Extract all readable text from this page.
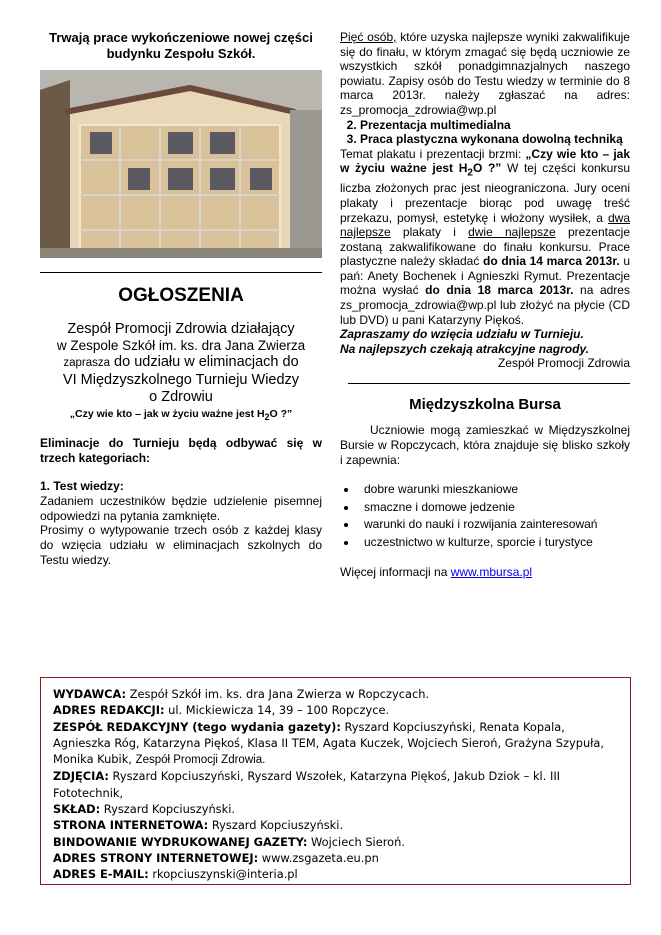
Trwają prace wykończeniowe nowej części budynku Zespołu Szkół.

OGŁOSZENIA

Zespół Promocji Zdrowia działający

w Zespole Szkół im. ks. dra Jana Zwierza

zaprasza do udziału w eliminacjach do

VI Międzyszkolnego Turnieju Wiedzy

o Zdrowiu

„Czy wie kto – jak w życiu ważne jest $H_2O$ ?”

Eliminacje do Turnieju będą odbywać się w trzech kategoriach:

1. Test wiedzy:

Zadaniem uczestników będzie udzielenie pisemnej odpowiedzi na pytania zamknięte.

Prosimy o wytypowanie trzech osób z każdej klasy do wzięcia udziału w eliminacjach szkolnych do Testu wiedzy.

Pięć osób, które uzyska najlepsze wyniki zakwalifikuje się do finału, w którym zmagać się będą uczniowie ze wszystkich szkół ponadgimnazjalnych naszego powiatu. Zapisy osób do Testu wiedzy w terminie do 8 marca 2013r. należy zgłaszać na adres: zs_promocja_zdrowia@wp.pl

2. Prezentacja multimedialna
3. Praca plastyczna wykonana dowolną techniką

Temat plakatu i prezentacji brzmi: „Czy wie kto – jak w życiu ważne jest $H_2O$ ?” W tej części konkursu liczba złożonych prac jest nieograniczona. Jury oceni plakaty i prezentacje biorąc pod uwagę treść przekazu, pomysł, estetykę i włożony wysiłek, a dwa najlepsze plakaty i dwie najlepsze prezentacje zostaną zakwalifikowane do finału konkursu. Prace plastyczne należy składać do dnia 14 marca 2013r. u pań: Anety Bochenek i Agnieszki Rymut. Prezentacje można wysłać do dnia 18 marca 2013r. na adres zs_promocja_zdrowia@wp.pl lub złożyć na płycie (CD lub DVD) u pani Katarzyny Piękoś.

Zapraszamy do wzięcia udziału w Turnieju.

Na najlepszych czekają atrakcyjne nagrody.

Zespół Promocji Zdrowia

Międzyszkolna Bursa

Uczniowie mogą zamieszkać w Międzyszkolnej Bursie w Ropczycach, która znajduje się blisko szkoły i zapewnia:

• dobre warunki mieszkaniowe
• smaczne i domowe jedzenie
• warunki do nauki i rozwijania zainteresowań
• uczestnictwo w kulturze, sporcie i turystyce

Więcej informacji na www.mbursa.pl

WYDAWCA: Zespół Szkół im. ks. dra Jana Zwierza w Ropczycach.

ADRES REDAKCJI: ul. Mickiewicza 14, 39 – 100 Ropczyce.

ZESPÓŁ REDAKCYJNY (tego wydania gazety): Ryszard Kopciuszyński, Renata Kopala, Agnieszka Róg, Katarzyna Piękoś, Klasa II TEM, Agata Kuczek, Wojciech Sieroń, Grażyna Szypuła, Monika Kubik, Zespół Promocji Zdrowia.

ZDJĘCIA: Ryszard Kopciuszyński, Ryszard Wszołek, Katarzyna Piękoś, Jakub Dziok – kl. III Fototechnik,

SKŁAD: Ryszard Kopciuszyński.

STRONA INTERNETOWA: Ryszard Kopciuszyński.

BINDOWANIE WYDRUKOWANEJ GAZETY: Wojciech Sieroń.

ADRES STRONY INTERNETOWEJ: www.zsgazeta.eu.pn

ADRES E-MAIL: rkopciuszynski@interia.pl
